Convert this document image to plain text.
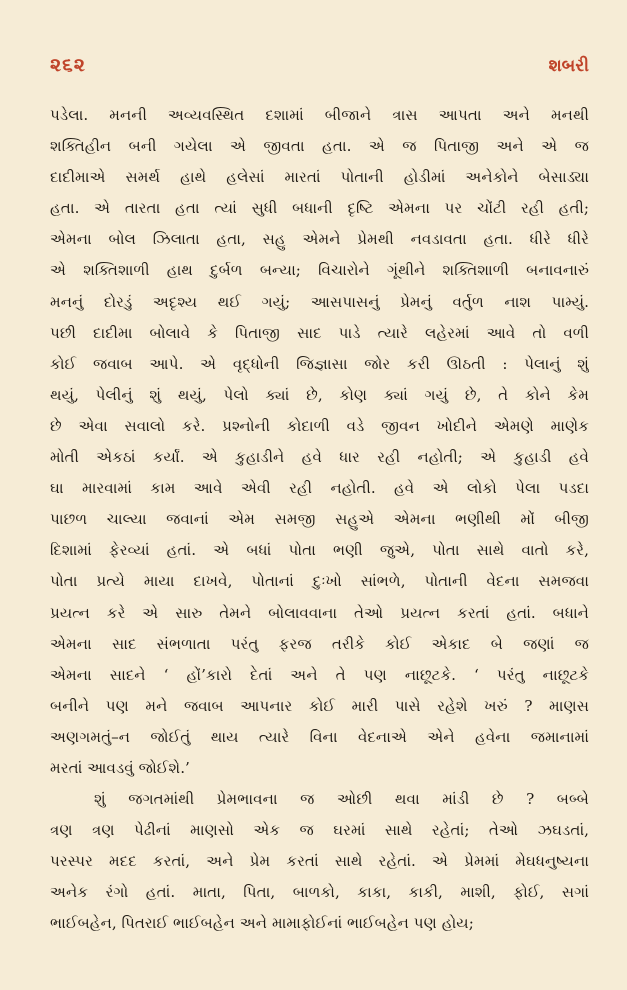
૨૬૨	શબરી
પડેલા. મનની અવ્યવસ્થિત દશામાં બીજાને ત્રાસ આપતા અને મનથી
શક્તિહીન બની ગયેલા એ જીવતા હતા. એ જ પિતાજી અને એ જ
દાદીમાએ સમર્થ હાથે હલેસાં મારતાં પોતાની હોડીમાં અનેકોને બેસાડ્યા
હતા. એ તારતા હતા ત્યાં સુધી બધાની દૃષ્ટિ એમના પર ચોંટી રહી હતી;
એમના બોલ ઝિલાતા હતા, સહુ એમને પ્રેમથી નવડાવતા હતા. ધીરે ધીરે
એ શક્તિશાળી હાથ દુર્બળ બન્યા; વિચારોને ગૂંથીને શક્તિશાળી બનાવનારું
મનનું દોરડું અદૃશ્ય થઈ ગયું; આસપાસનું પ્રેમનું વર્તુળ નાશ પામ્યું.
પછી દાદીમા બોલાવે કે પિતાજી સાદ પાડે ત્યારે લહેરમાં આવે તો વળી
કોઈ જવાબ આપે. એ વૃદ્ધોની જિજ્ઞાસા જોર કરી ઊઠતી : પેલાનું શું
થયું, પેલીનું શું થયું, પેલો ક્યાં છે, કોણ ક્યાં ગયું છે, તે કોને કેમ
છે એવા સવાલો કરે. પ્રશ્નોની કોદાળી વડે જીવન ખોદીને એમણે માણેક
મોતી એકઠાં કર્યાં. એ કુહાડીને હવે ધાર રહી નહોતી; એ કુહાડી હવે
ઘા મારવામાં કામ આવે એવી રહી નહોતી. હવે એ લોકો પેલા પડદા
પાછળ ચાલ્યા જવાનાં એમ સમજી સહુએ એમના ભણીથી મોં બીજી
દિશામાં ફેરવ્યાં હતાં. એ બધાં પોતા ભણી જુએ, પોતા સાથે વાતો કરે,
પોતા પ્રત્યે માયા દાખવે, પોતાનાં દુઃખો સાંભળે, પોતાની વેદના સમજવા
પ્રયત્ન કરે એ સારુ તેમને બોલાવવાના તેઓ પ્રયત્ન કરતાં હતાં. બધાને
એમના સાદ સંભળાતા પરંતુ ફરજ તરીકે કોઈ એકાદ બે જણાં જ
એમના સાદને ‘ હોં’કારો દેતાં અને તે પણ નાછૂટકે. ‘ પરંતુ નાછૂટકે
બનીને પણ મને જવાબ આપનાર કોઈ મારી પાસે રહેશે ખરું ? માણસ
અણગમતું–ન જોઈતું થાય ત્યારે વિના વેદનાએ એને હવેના જમાનામાં
મરતાં આવડવું જોઈશે.’
શું જગતમાંથી પ્રેમભાવના જ ઓછી થવા માંડી છે ? બબ્બે
ત્રણ ત્રણ પેઢીનાં માણસો એક જ ઘરમાં સાથે રહેતાં; તેઓ ઝઘડતાં,
પરસ્પર મદદ કરતાં, અને પ્રેમ કરતાં સાથે રહેતાં. એ પ્રેમમાં મેઘધનુષ્યના
અનેક રંગો હતાં. માતા, પિતા, બાળકો, કાકા, કાકી, માશી, ફોઈ, સગાં
ભાઈબહેન, પિતરાઈ ભાઈબહેન અને મામાફોઈનાં ભાઈબહેન પણ હોય;
